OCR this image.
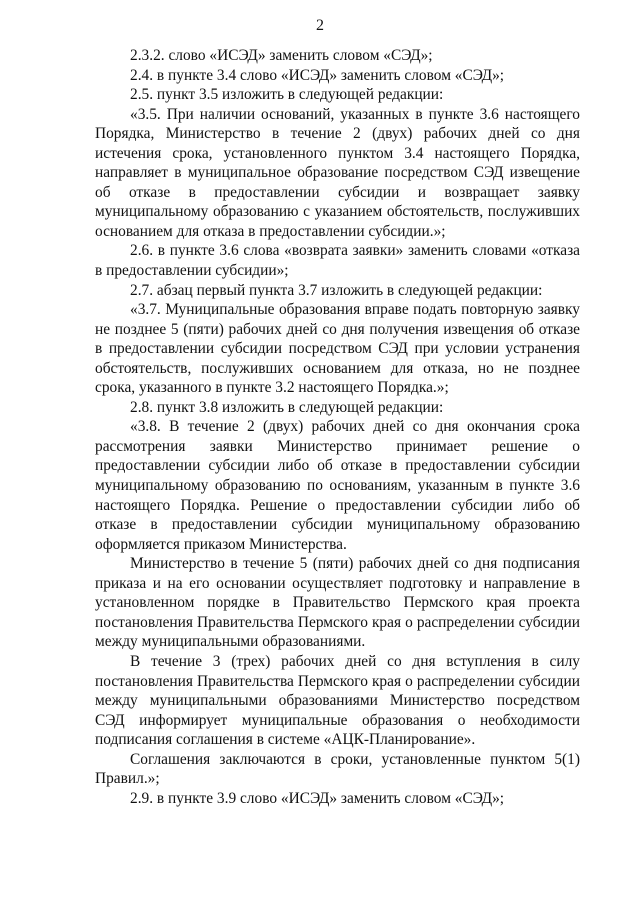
2

2.3.2. слово «ИСЭД» заменить словом «СЭД»;

2.4. в пункте 3.4 слово «ИСЭД» заменить словом «СЭД»;

2.5. пункт 3.5 изложить в следующей редакции:

«3.5. При наличии оснований, указанных в пункте 3.6 настоящего Порядка, Министерство в течение 2 (двух) рабочих дней со дня истечения срока, установленного пунктом 3.4 настоящего Порядка, направляет в муниципальное образование посредством СЭД извещение об отказе в предоставлении субсидии и возвращает заявку муниципальному образованию с указанием обстоятельств, послуживших основанием для отказа в предоставлении субсидии.»;

2.6. в пункте 3.6 слова «возврата заявки» заменить словами «отказа в предоставлении субсидии»;

2.7. абзац первый пункта 3.7 изложить в следующей редакции:

«3.7. Муниципальные образования вправе подать повторную заявку не позднее 5 (пяти) рабочих дней со дня получения извещения об отказе в предоставлении субсидии посредством СЭД при условии устранения обстоятельств, послуживших основанием для отказа, но не позднее срока, указанного в пункте 3.2 настоящего Порядка.»;

2.8. пункт 3.8 изложить в следующей редакции:

«3.8. В течение 2 (двух) рабочих дней со дня окончания срока рассмотрения заявки Министерство принимает решение о предоставлении субсидии либо об отказе в предоставлении субсидии муниципальному образованию по основаниям, указанным в пункте 3.6 настоящего Порядка. Решение о предоставлении субсидии либо об отказе в предоставлении субсидии муниципальному образованию оформляется приказом Министерства.

Министерство в течение 5 (пяти) рабочих дней со дня подписания приказа и на его основании осуществляет подготовку и направление в установленном порядке в Правительство Пермского края проекта постановления Правительства Пермского края о распределении субсидии между муниципальными образованиями.

В течение 3 (трех) рабочих дней со дня вступления в силу постановления Правительства Пермского края о распределении субсидии между муниципальными образованиями Министерство посредством СЭД информирует муниципальные образования о необходимости подписания соглашения в системе «АЦК-Планирование».

Соглашения заключаются в сроки, установленные пунктом 5(1) Правил.»;

2.9. в пункте 3.9 слово «ИСЭД» заменить словом «СЭД»;
